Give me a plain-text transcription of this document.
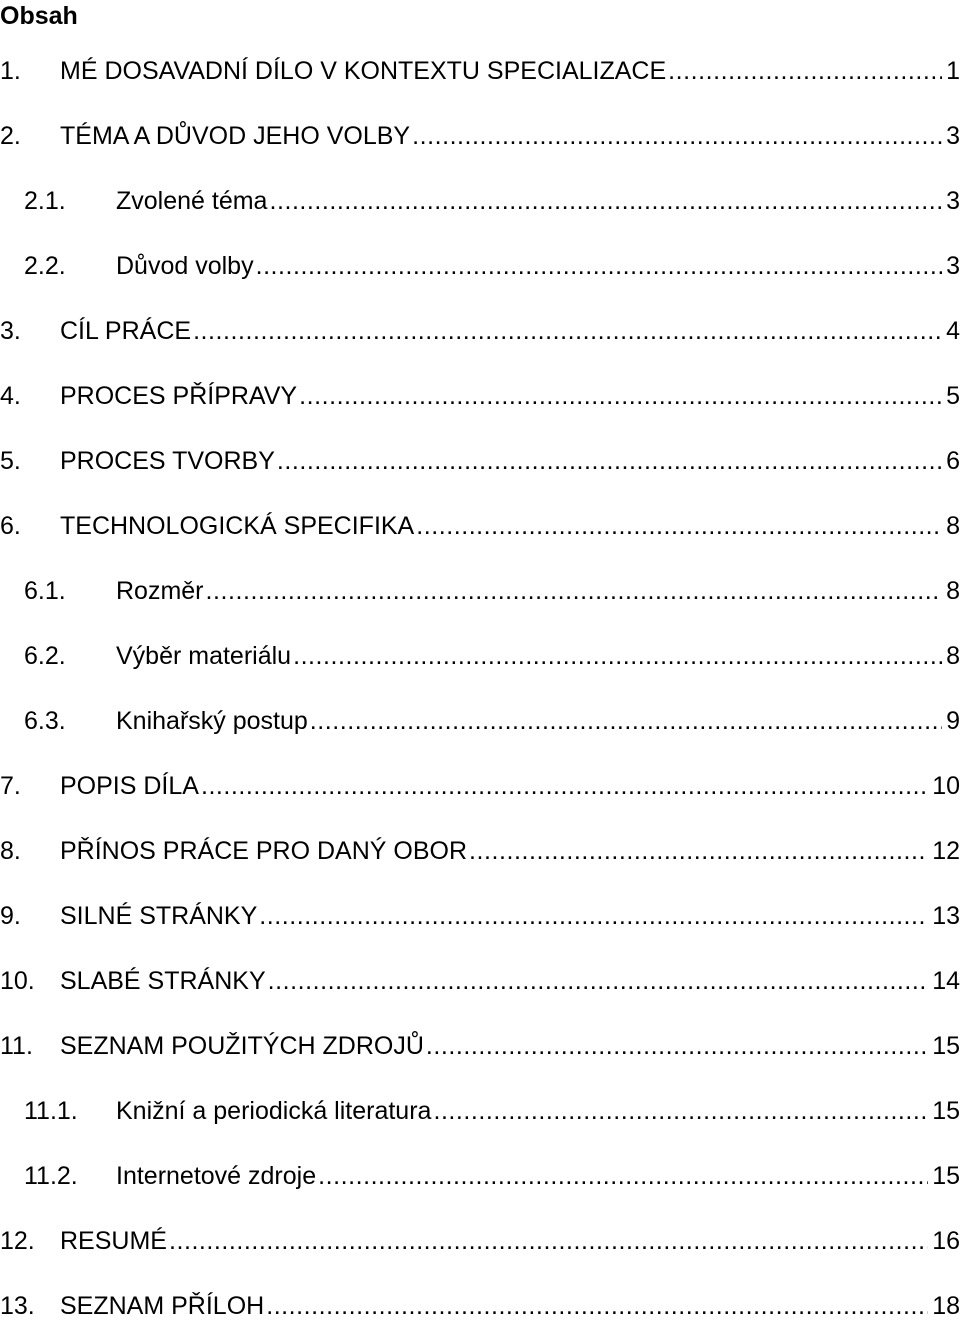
Obsah
1.	MÉ DOSAVADNÍ DÍLO V KONTEXTU SPECIALIZACE . . .	1
2.	TÉMA A DŮVOD JEHO VOLBY . . .	3
2.1.	Zvolené téma . . .	3
2.2.	Důvod volby . . .	3
3.	CÍL PRÁCE . . .	4
4.	PROCES PŘÍPRAVY . . .	5
5.	PROCES TVORBY . . .	6
6.	TECHNOLOGICKÁ SPECIFIKA . . .	8
6.1.	Rozměr . . .	8
6.2.	Výběr materiálu . . .	8
6.3.	Knihařský postup . . .	9
7.	POPIS DÍLA . . .	10
8.	PŘÍNOS PRÁCE PRO DANÝ OBOR . . .	12
9.	SILNÉ STRÁNKY . . .	13
10.	SLABÉ STRÁNKY . . .	14
11.	SEZNAM POUŽITÝCH ZDROJŮ . . .	15
11.1.	Knižní a periodická literatura . . .	15
11.2.	Internetové zdroje . . .	15
12.	RESUMÉ . . .	16
13.	SEZNAM PŘÍLOH . . .	18
